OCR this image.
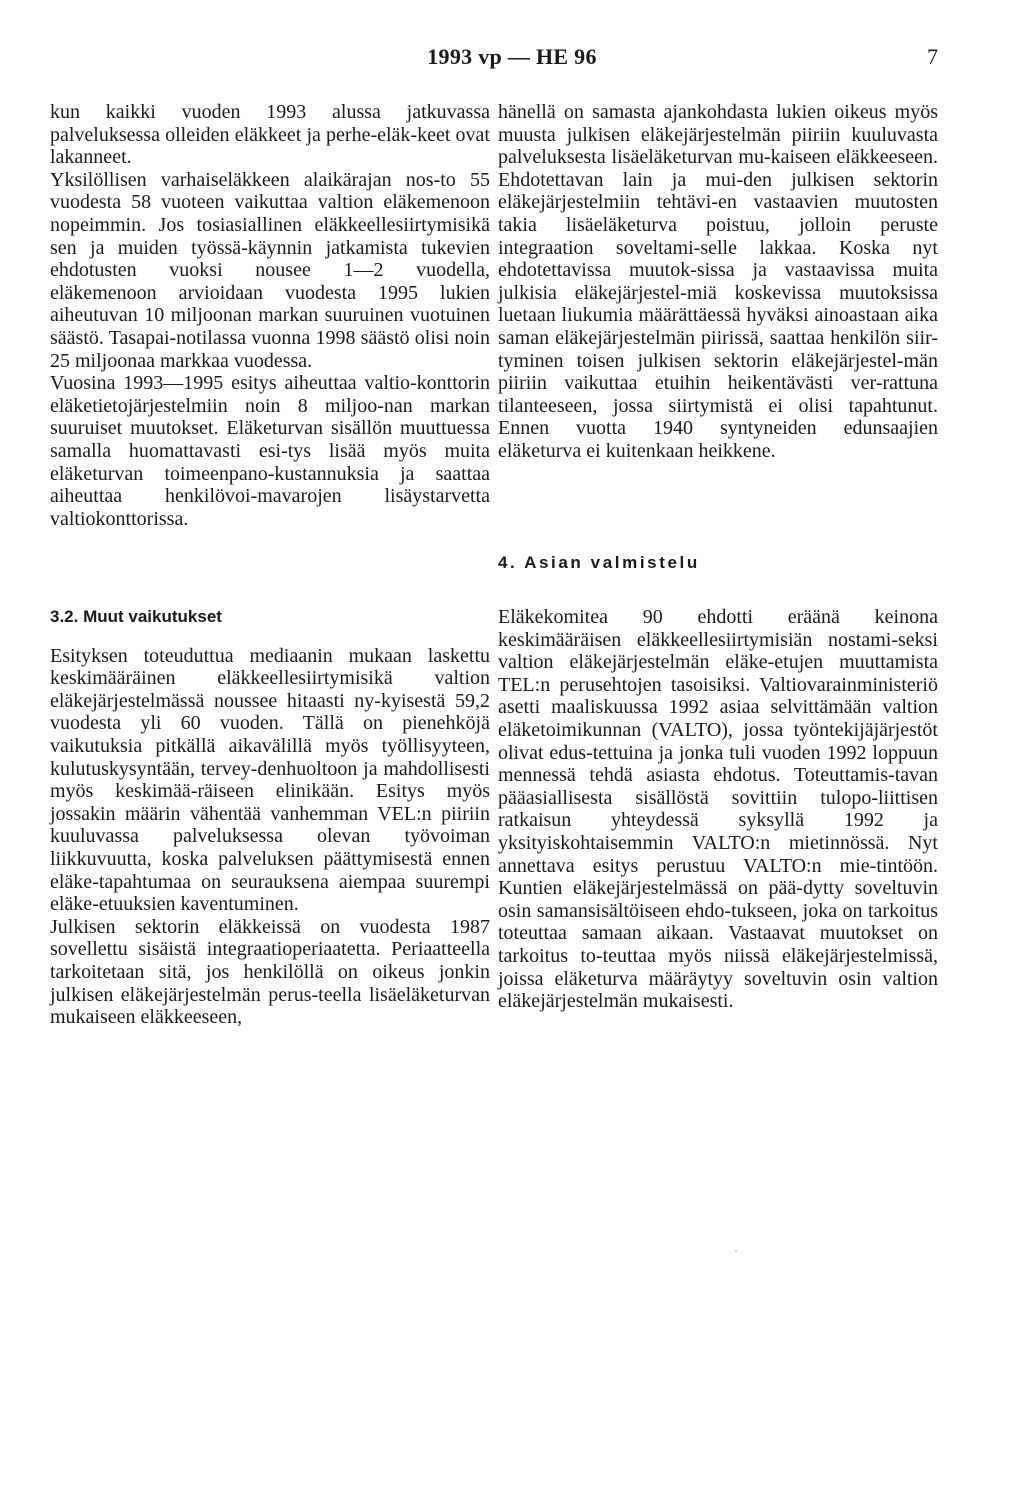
1993 vp — HE 96	7

kun kaikki vuoden 1993 alussa jatkuvassa palveluksessa olleiden eläkkeet ja perhe-eläk-keet ovat lakanneet.

Yksilöllisen varhaiseläkkeen alaikärajan nos-to 55 vuodesta 58 vuoteen vaikuttaa valtion eläkemenoon nopeimmin. Jos tosiasiallinen eläkkeellesiirtymisikä sen ja muiden työssä-käynnin jatkamista tukevien ehdotusten vuoksi nousee 1—2 vuodella, eläkemenoon arvioidaan vuodesta 1995 lukien aiheutuvan 10 miljoonan markan suuruinen vuotuinen säästö. Tasapai-notilassa vuonna 1998 säästö olisi noin 25 miljoonaa markkaa vuodessa.

Vuosina 1993—1995 esitys aiheuttaa valtio-konttorin eläketietojärjestelmiin noin 8 miljoo-nan markan suuruiset muutokset. Eläketurvan sisällön muuttuessa samalla huomattavasti esi-tys lisää myös muita eläketurvan toimeenpano-kustannuksia ja saattaa aiheuttaa henkilövoi-mavarojen lisäystarvetta valtiokonttorissa.

3.2. Muut vaikutukset

Esityksen toteuduttua mediaanin mukaan laskettu keskimääräinen eläkkeellesiirtymisikä valtion eläkejärjestelmässä noussee hitaasti ny-kyisestä 59,2 vuodesta yli 60 vuoden. Tällä on pienehköjä vaikutuksia pitkällä aikavälillä myös työllisyyteen, kulutuskysyntään, tervey-denhuoltoon ja mahdollisesti myös keskimää-räiseen elinikään. Esitys myös jossakin määrin vähentää vanhemman VEL:n piiriin kuuluvassa palveluksessa olevan työvoiman liikkuvuutta, koska palveluksen päättymisestä ennen eläke-tapahtumaa on seurauksena aiempaa suurempi eläke-etuuksien kaventuminen.

Julkisen sektorin eläkkeissä on vuodesta 1987 sovellettu sisäistä integraatioperiaatetta. Periaatteella tarkoitetaan sitä, jos henkilöllä on oikeus jonkin julkisen eläkejärjestelmän perus-teella lisäeläketurvan mukaiseen eläkkeeseen,

hänellä on samasta ajankohdasta lukien oikeus myös muusta julkisen eläkejärjestelmän piiriin kuuluvasta palveluksesta lisäeläketurvan mu-kaiseen eläkkeeseen. Ehdotettavan lain ja mui-den julkisen sektorin eläkejärjestelmiin tehtävi-en vastaavien muutosten takia lisäeläketurva poistuu, jolloin peruste integraation soveltami-selle lakkaa. Koska nyt ehdotettavissa muutok-sissa ja vastaavissa muita julkisia eläkejärjestel-miä koskevissa muutoksissa luetaan liukumia määrättäessä hyväksi ainoastaan aika saman eläkejärjestelmän piirissä, saattaa henkilön siir-tyminen toisen julkisen sektorin eläkejärjestel-män piiriin vaikuttaa etuihin heikentävästi ver-rattuna tilanteeseen, jossa siirtymistä ei olisi tapahtunut. Ennen vuotta 1940 syntyneiden edunsaajien eläketurva ei kuitenkaan heikkene.

4. Asian valmistelu

Eläkekomitea 90 ehdotti eräänä keinona keskimääräisen eläkkeellesiirtymisiän nostami-seksi valtion eläkejärjestelmän eläke-etujen muuttamista TEL:n perusehtojen tasoisiksi. Valtiovarainministeriö asetti maaliskuussa 1992 asiaa selvittämään valtion eläketoimikunnan (VALTO), jossa työntekijäjärjestöt olivat edus-tettuina ja jonka tuli vuoden 1992 loppuun mennessä tehdä asiasta ehdotus. Toteuttamis-tavan pääasiallisesta sisällöstä sovittiin tulopo-liittisen ratkaisun yhteydessä syksyllä 1992 ja yksityiskohtaisemmin VALTO:n mietinnössä. Nyt annettava esitys perustuu VALTO:n mie-tintöön. Kuntien eläkejärjestelmässä on pää-dytty soveltuvin osin samansisältöiseen ehdo-tukseen, joka on tarkoitus toteuttaa samaan aikaan. Vastaavat muutokset on tarkoitus to-teuttaa myös niissä eläkejärjestelmissä, joissa eläketurva määräytyy soveltuvin osin valtion eläkejärjestelmän mukaisesti.
